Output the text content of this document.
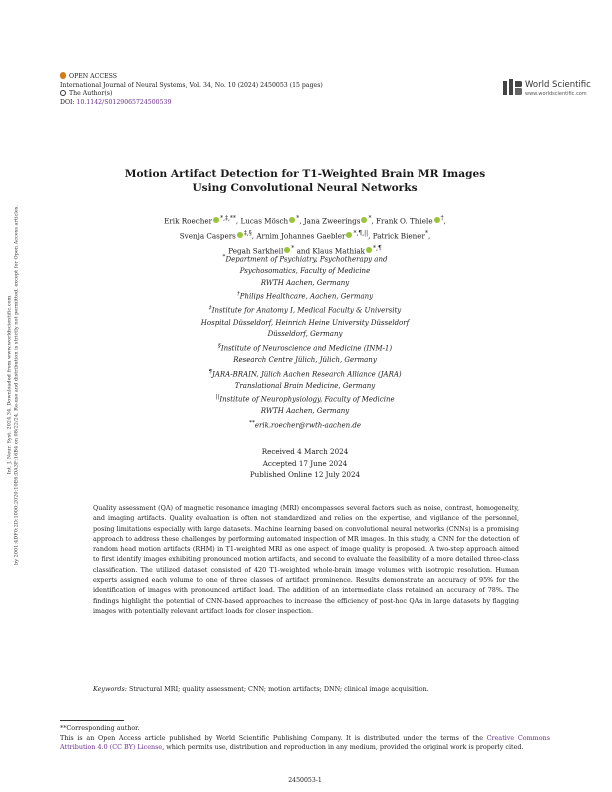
OPEN ACCESS
International Journal of Neural Systems, Vol. 34, No. 10 (2024) 2450053 (15 pages)
The Author(s)
DOI: 10.1142/S0129065724500539
World Scientific
www.worldscientific.com
Int. J. Neur. Syst. 2024.34. Downloaded from www.worldscientific.com by 2001:4DF0:2D:1000:2020:10E6:DA3F:16B4 on 08/22/24. Re-use and distribution is strictly not permitted, except for Open Access articles.
Motion Artifact Detection for T1-Weighted Brain MR Images
Using Convolutional Neural Networks
Erik Roecher *,‡,**, Lucas Mösch *, Jana Zweerings *, Frank O. Thiele †,
Svenja Caspers ‡,§, Arnim Johannes Gaebler *,¶,||, Patrick Biener*,
Pegah Sarkheil * and Klaus Mathiak *,¶
*Department of Psychiatry, Psychotherapy and
Psychosomatics, Faculty of Medicine
RWTH Aachen, Germany
†Philips Healthcare, Aachen, Germany
‡Institute for Anatomy I, Medical Faculty & University
Hospital Düsseldorf, Heinrich Heine University Düsseldorf
Düsseldorf, Germany
§Institute of Neuroscience and Medicine (INM-1)
Research Centre Jülich, Jülich, Germany
¶JARA-BRAIN, Jülich Aachen Research Alliance (JARA)
Translational Brain Medicine, Germany
||Institute of Neurophysiology, Faculty of Medicine
RWTH Aachen, Germany
**erik.roecher@rwth-aachen.de
Received 4 March 2024
Accepted 17 June 2024
Published Online 12 July 2024
Quality assessment (QA) of magnetic resonance imaging (MRI) encompasses several factors such as noise, contrast, homogeneity, and imaging artifacts. Quality evaluation is often not standardized and relies on the expertise, and vigilance of the personnel, posing limitations especially with large datasets. Machine learning based on convolutional neural networks (CNNs) is a promising approach to address these challenges by performing automated inspection of MR images. In this study, a CNN for the detection of random head motion artifacts (RHM) in T1-weighted MRI as one aspect of image quality is proposed. A two-step approach aimed to first identify images exhibiting pronounced motion artifacts, and second to evaluate the feasibility of a more detailed three-class classification. The utilized dataset consisted of 420 T1-weighted whole-brain image volumes with isotropic resolution. Human experts assigned each volume to one of three classes of artifact prominence. Results demonstrate an accuracy of 95% for the identification of images with pronounced artifact load. The addition of an intermediate class retained an accuracy of 78%. The findings highlight the potential of CNN-based approaches to increase the efficiency of post-hoc QAs in large datasets by flagging images with potentially relevant artifact loads for closer inspection.
Keywords: Structural MRI; quality assessment; CNN; motion artifacts; DNN; clinical image acquisition.
**Corresponding author.
This is an Open Access article published by World Scientific Publishing Company. It is distributed under the terms of the Creative Commons Attribution 4.0 (CC BY) License, which permits use, distribution and reproduction in any medium, provided the original work is properly cited.
2450053-1
